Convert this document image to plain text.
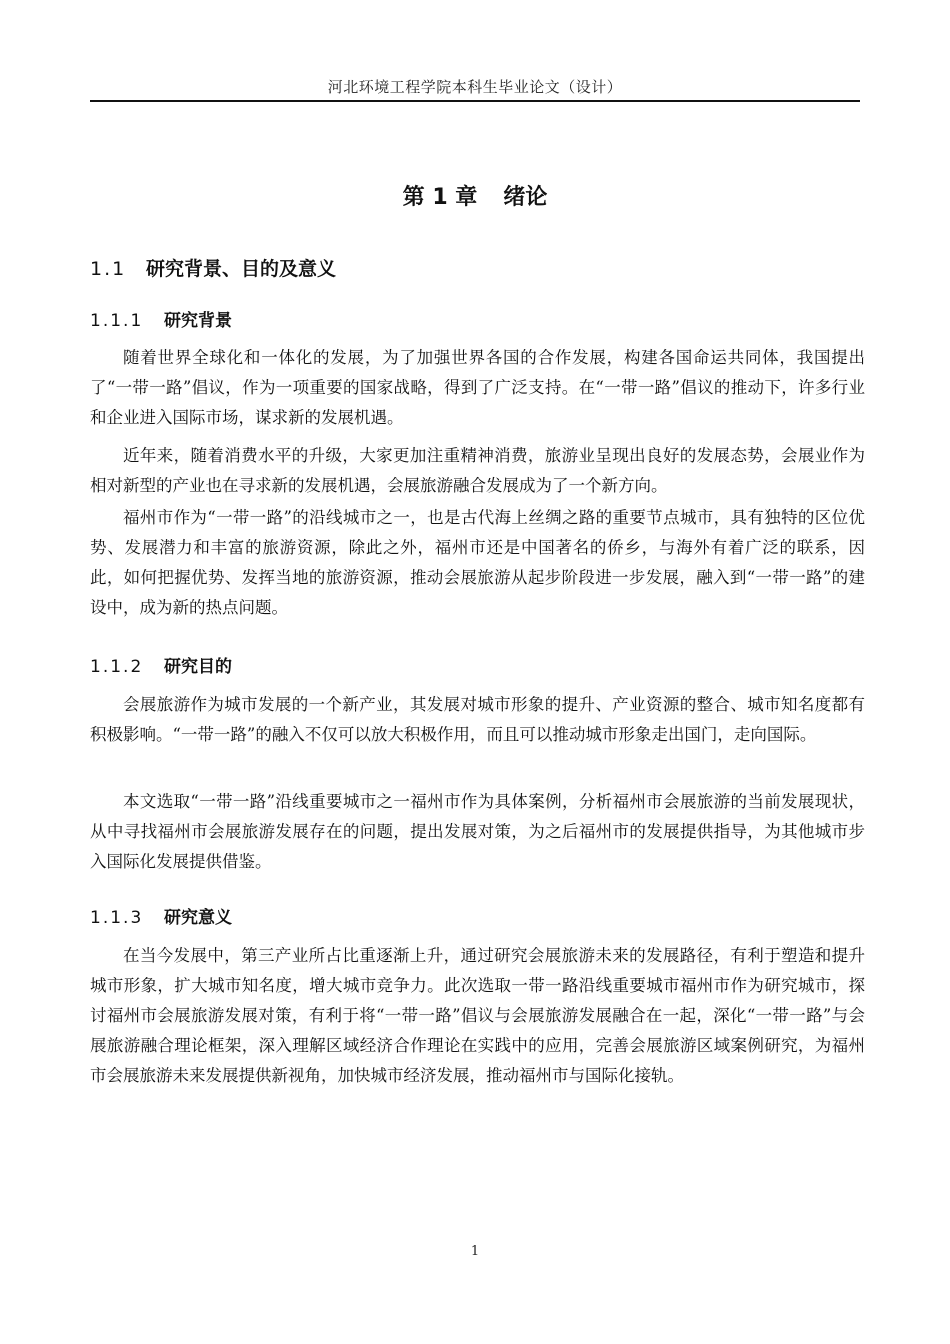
河北环境工程学院本科生毕业论文（设计）
第 1 章 绪论
1.1 研究背景、目的及意义
1.1.1 研究背景

随着世界全球化和一体化的发展，为了加强世界各国的合作发展，构建各国命运共同体，我国提出了“一带一路”倡议，作为一项重要的国家战略，得到了广泛支持。在“一带一路”倡议的推动下，许多行业和企业进入国际市场，谋求新的发展机遇。

近年来，随着消费水平的升级，大家更加注重精神消费，旅游业呈现出良好的发展态势，会展业作为相对新型的产业也在寻求新的发展机遇，会展旅游融合发展成为了一个新方向。

福州市作为“一带一路”的沿线城市之一，也是古代海上丝绸之路的重要节点城市，具有独特的区位优势、发展潜力和丰富的旅游资源，除此之外，福州市还是中国著名的侨乡，与海外有着广泛的联系，因此，如何把握优势、发挥当地的旅游资源，推动会展旅游从起步阶段进一步发展，融入到“一带一路”的建设中，成为新的热点问题。

1.1.2 研究目的

会展旅游作为城市发展的一个新产业，其发展对城市形象的提升、产业资源的整合、城市知名度都有积极影响。“一带一路”的融入不仅可以放大积极作用，而且可以推动城市形象走出国门，走向国际。

本文选取“一带一路”沿线重要城市之一福州市作为具体案例，分析福州市会展旅游的当前发展现状，从中寻找福州市会展旅游发展存在的问题，提出发展对策，为之后福州市的发展提供指导，为其他城市步入国际化发展提供借鉴。

1.1.3 研究意义

在当今发展中，第三产业所占比重逐渐上升，通过研究会展旅游未来的发展路径，有利于塑造和提升城市形象，扩大城市知名度，增大城市竞争力。此次选取一带一路沿线重要城市福州市作为研究城市，探讨福州市会展旅游发展对策，有利于将“一带一路”倡议与会展旅游发展融合在一起，深化“一带一路”与会展旅游融合理论框架，深入理解区域经济合作理论在实践中的应用，完善会展旅游区域案例研究，为福州市会展旅游未来发展提供新视角，加快城市经济发展，推动福州市与国际化接轨。

1
